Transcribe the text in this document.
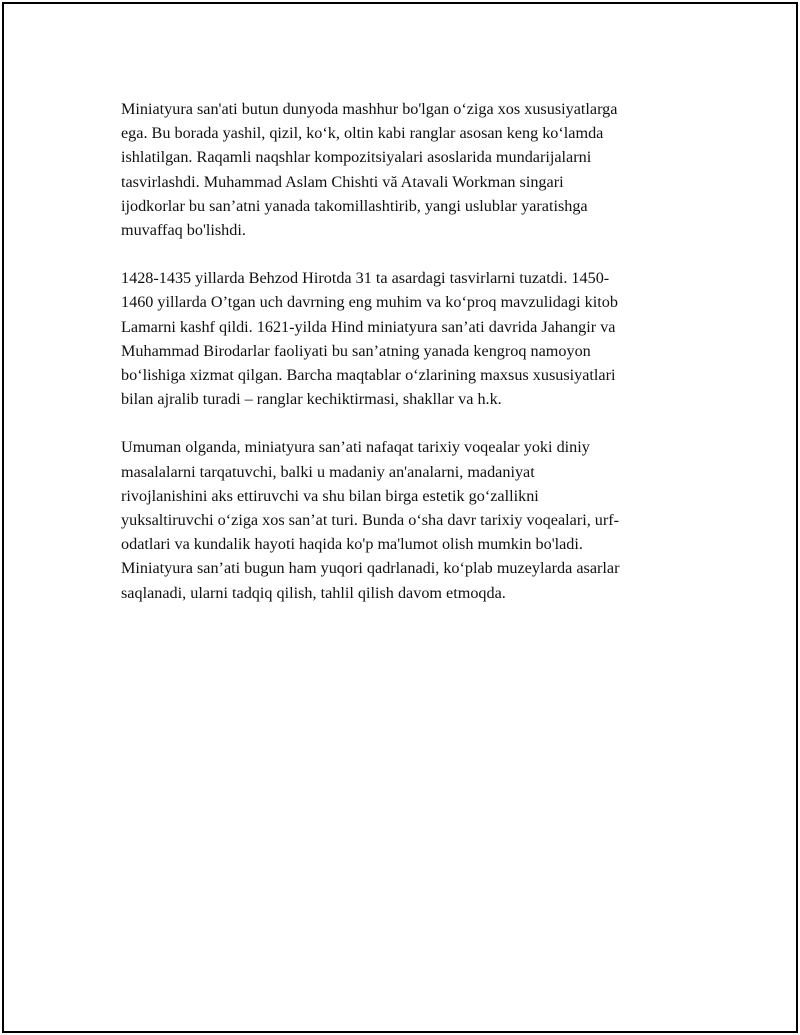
Miniatyura san'ati butun dunyoda mashhur bo'lgan o‘ziga xos xususiyatlarga
ega. Bu borada yashil, qizil, ko‘k, oltin kabi ranglar asosan keng ko‘lamda
ishlatilgan. Raqamli naqshlar kompozitsiyalari asoslarida mundarijalarni
tasvirlashdi. Muhammad Aslam Chishti vă Atavali Workman singari
ijodkorlar bu san’atni yanada takomillashtirib, yangi uslublar yaratishga
muvaffaq bo'lishdi.

1428-1435 yillarda Behzod Hirotda 31 ta asardagi tasvirlarni tuzatdi. 1450-
1460 yillarda O’tgan uch davrning eng muhim va ko‘proq mavzulidagi kitob
Lamarni kashf qildi. 1621-yilda Hind miniatyura san’ati davrida Jahangir va
Muhammad Birodarlar faoliyati bu san’atning yanada kengroq namoyon
bo‘lishiga xizmat qilgan. Barcha maqtablar o‘zlarining maxsus xususiyatlari
bilan ajralib turadi – ranglar kechiktirmasi, shakllar va h.k.

Umuman olganda, miniatyura san’ati nafaqat tarixiy voqealar yoki diniy
masalalarni tarqatuvchi, balki u madaniy an'analarni, madaniyat
rivojlanishini aks ettiruvchi va shu bilan birga estetik go‘zallikni
yuksaltiruvchi o‘ziga xos san’at turi. Bunda o‘sha davr tarixiy voqealari, urf-
odatlari va kundalik hayoti haqida ko'p ma'lumot olish mumkin bo'ladi.
Miniatyura san’ati bugun ham yuqori qadrlanadi, ko‘plab muzeylarda asarlar
saqlanadi, ularni tadqiq qilish, tahlil qilish davom etmoqda.
